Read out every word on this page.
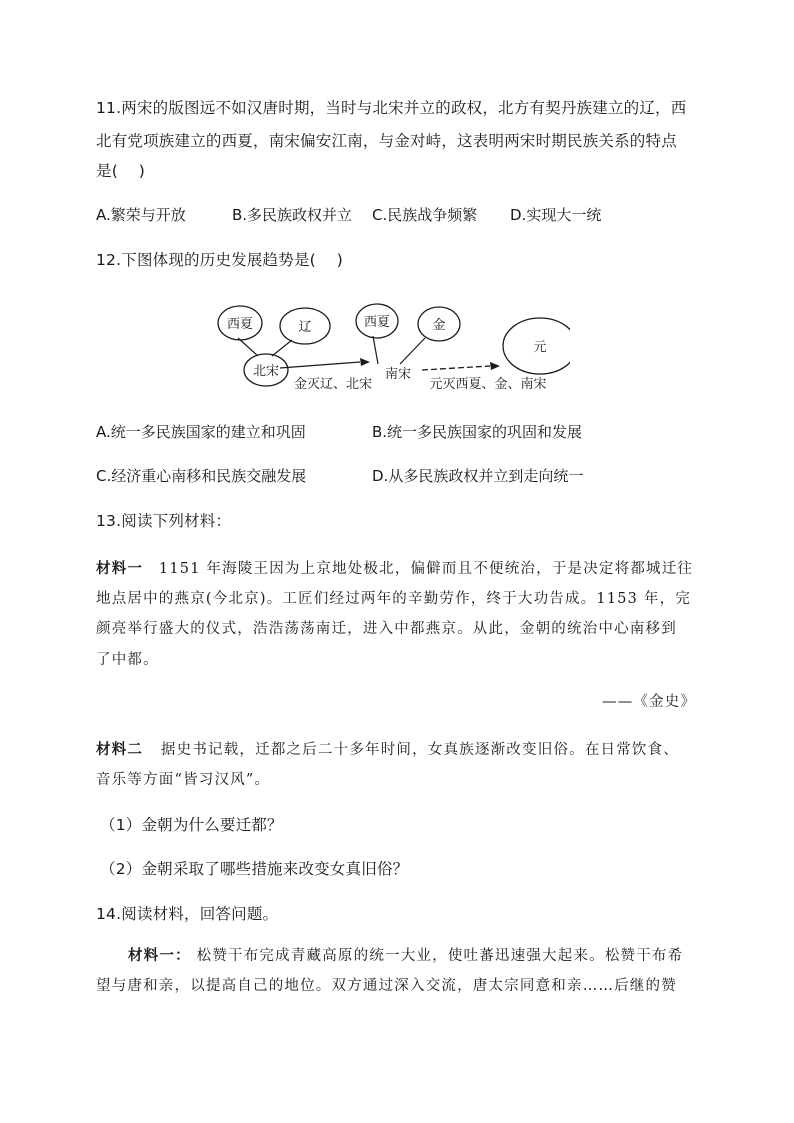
11.两宋的版图远不如汉唐时期，当时与北宋并立的政权，北方有契丹族建立的辽，西
北有党项族建立的西夏，南宋偏安江南，与金对峙，这表明两宋时期民族关系的特点
是(　 )
A.繁荣与开放	B.多民族政权并立 C.民族战争频繁 D.实现大一统
12.下图体现的历史发展趋势是(　 )
西夏	辽
北宋
西夏	金
元
南宋
金灭辽、北宋	元灭西夏、金、南宋
A.统一多民族国家的建立和巩固	B.统一多民族国家的巩固和发展
C.经济重心南移和民族交融发展	D.从多民族政权并立到走向统一
13.阅读下列材料：
材料一 1151 年海陵王因为上京地处极北，偏僻而且不便统治，于是决定将都城迁往
地点居中的燕京(今北京)。工匠们经过两年的辛勤劳作，终于大功告成。1153 年，完
颜亮举行盛大的仪式，浩浩荡荡南迁，进入中都燕京。从此，金朝的统治中心南移到
了中都。
——《金史》
材料二 据史书记载，迁都之后二十多年时间，女真族逐渐改变旧俗。在日常饮食、
音乐等方面“皆习汉风”。
（1）金朝为什么要迁都？
（2）金朝采取了哪些措施来改变女真旧俗？
14.阅读材料，回答问题。
材料一： 松赞干布完成青藏高原的统一大业，使吐蕃迅速强大起来。松赞干布希
望与唐和亲，以提高自己的地位。双方通过深入交流，唐太宗同意和亲……后继的赞
